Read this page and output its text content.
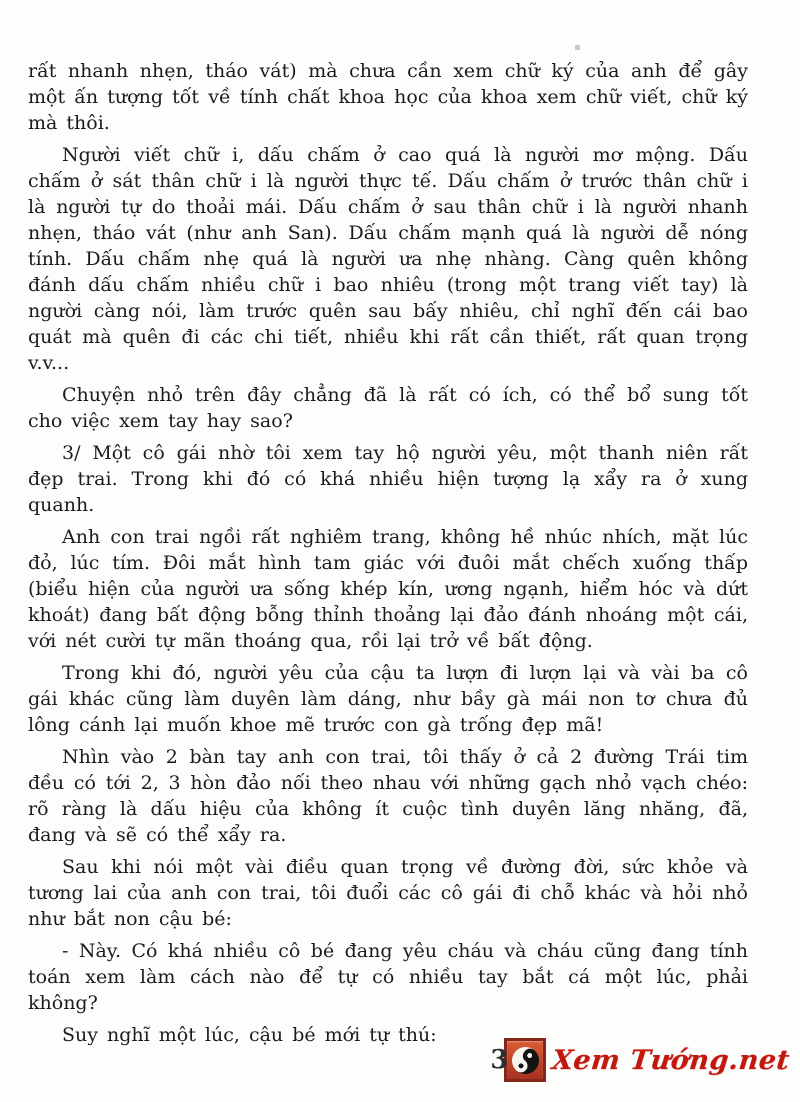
rất nhanh nhẹn, tháo vát) mà chưa cần xem chữ ký của anh để gây một ấn tượng tốt về tính chất khoa học của khoa xem chữ viết, chữ ký mà thôi.

Người viết chữ i, dấu chấm ở cao quá là người mơ mộng. Dấu chấm ở sát thân chữ i là người thực tế. Dấu chấm ở trước thân chữ i là người tự do thoải mái. Dấu chấm ở sau thân chữ i là người nhanh nhẹn, tháo vát (như anh San). Dấu chấm mạnh quá là người dễ nóng tính. Dấu chấm nhẹ quá là người ưa nhẹ nhàng. Càng quên không đánh dấu chấm nhiều chữ i bao nhiêu (trong một trang viết tay) là người càng nói, làm trước quên sau bấy nhiêu, chỉ nghĩ đến cái bao quát mà quên đi các chi tiết, nhiều khi rất cần thiết, rất quan trọng v.v...

Chuyện nhỏ trên đây chẳng đã là rất có ích, có thể bổ sung tốt cho việc xem tay hay sao?

3/ Một cô gái nhờ tôi xem tay hộ người yêu, một thanh niên rất đẹp trai. Trong khi đó có khá nhiều hiện tượng lạ xẩy ra ở xung quanh.

Anh con trai ngồi rất nghiêm trang, không hề nhúc nhích, mặt lúc đỏ, lúc tím. Đôi mắt hình tam giác với đuôi mắt chếch xuống thấp (biểu hiện của người ưa sống khép kín, ương ngạnh, hiểm hóc và dứt khoát) đang bất động bỗng thỉnh thoảng lại đảo đánh nhoáng một cái, với nét cười tự mãn thoáng qua, rồi lại trở về bất động.

Trong khi đó, người yêu của cậu ta lượn đi lượn lại và vài ba cô gái khác cũng làm duyên làm dáng, như bầy gà mái non tơ chưa đủ lông cánh lại muốn khoe mẽ trước con gà trống đẹp mã!

Nhìn vào 2 bàn tay anh con trai, tôi thấy ở cả 2 đường Trái tim đều có tới 2, 3 hòn đảo nối theo nhau với những gạch nhỏ vạch chéo: rõ ràng là dấu hiệu của không ít cuộc tình duyên lăng nhăng, đã, đang và sẽ có thể xẩy ra.

Sau khi nói một vài điều quan trọng về đường đời, sức khỏe và tương lai của anh con trai, tôi đuổi các cô gái đi chỗ khác và hỏi nhỏ như bắt non cậu bé:

- Này. Có khá nhiều cô bé đang yêu cháu và cháu cũng đang tính toán xem làm cách nào để tự có nhiều tay bắt cá một lúc, phải không?

Suy nghĩ một lúc, cậu bé mới tự thú:

3 Xem Tướng.net
